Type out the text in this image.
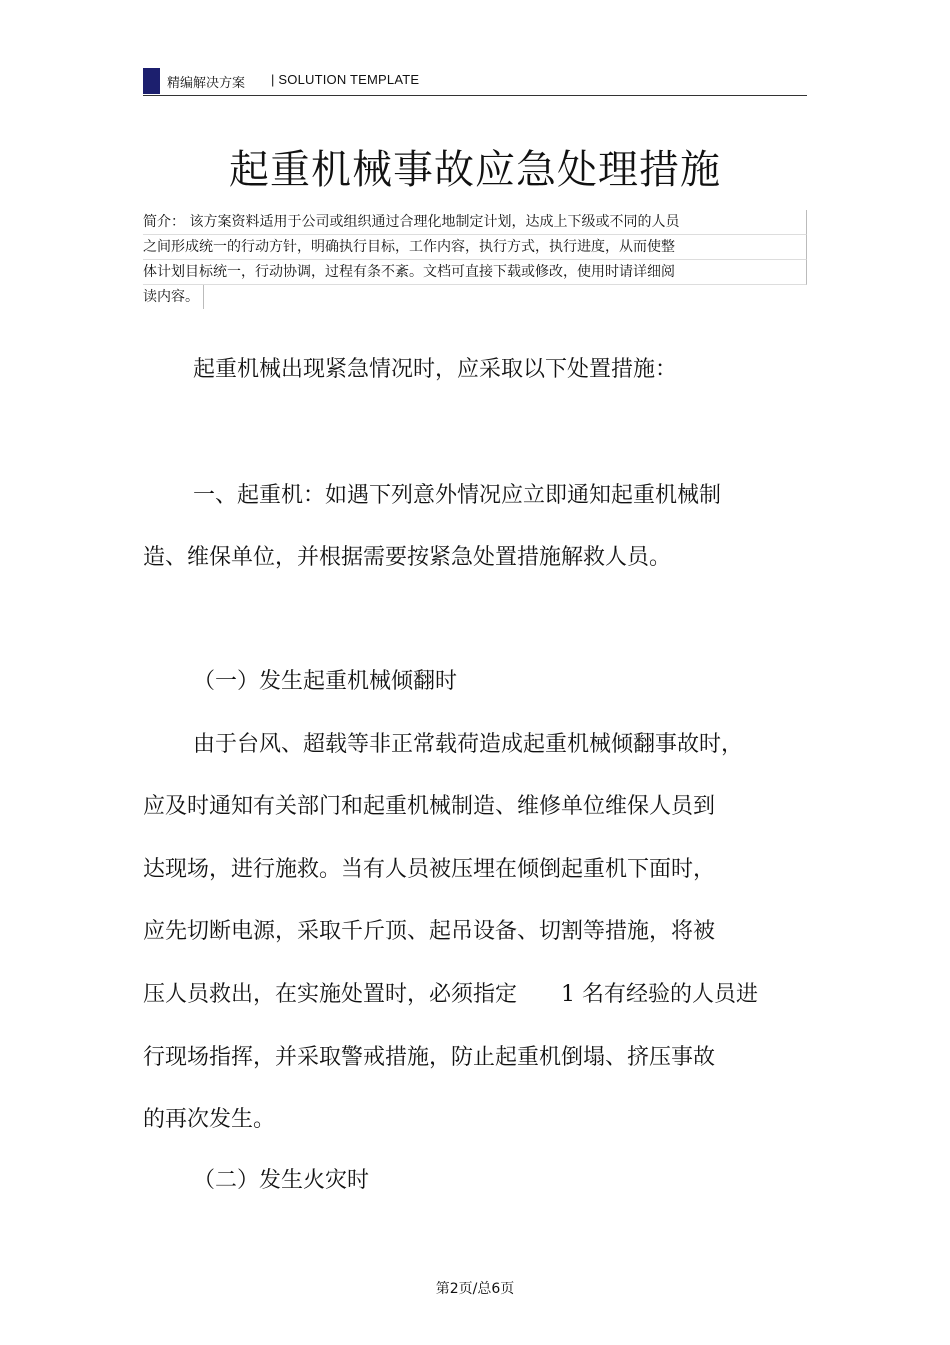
精编解决方案 | SOLUTION TEMPLATE
起重机械事故应急处理措施
简介： 该方案资料适用于公司或组织通过合理化地制定计划，达成上下级或不同的人员
之间形成统一的行动方针，明确执行目标，工作内容，执行方式，执行进度，从而使整
体计划目标统一，行动协调，过程有条不紊。文档可直接下载或修改，使用时请详细阅
读内容。
起重机械出现紧急情况时，应采取以下处置措施：
一、起重机：如遇下列意外情况应立即通知起重机械制
造、维保单位，并根据需要按紧急处置措施解救人员。
（一）发生起重机械倾翻时
由于台风、超载等非正常载荷造成起重机械倾翻事故时，
应及时通知有关部门和起重机械制造、维修单位维保人员到
达现场，进行施救。当有人员被压埋在倾倒起重机下面时，
应先切断电源，采取千斤顶、起吊设备、切割等措施，将被
压人员救出，在实施处置时，必须指定　　1 名有经验的人员进
行现场指挥，并采取警戒措施，防止起重机倒塌、挤压事故
的再次发生。
（二）发生火灾时
第2页/总6页
